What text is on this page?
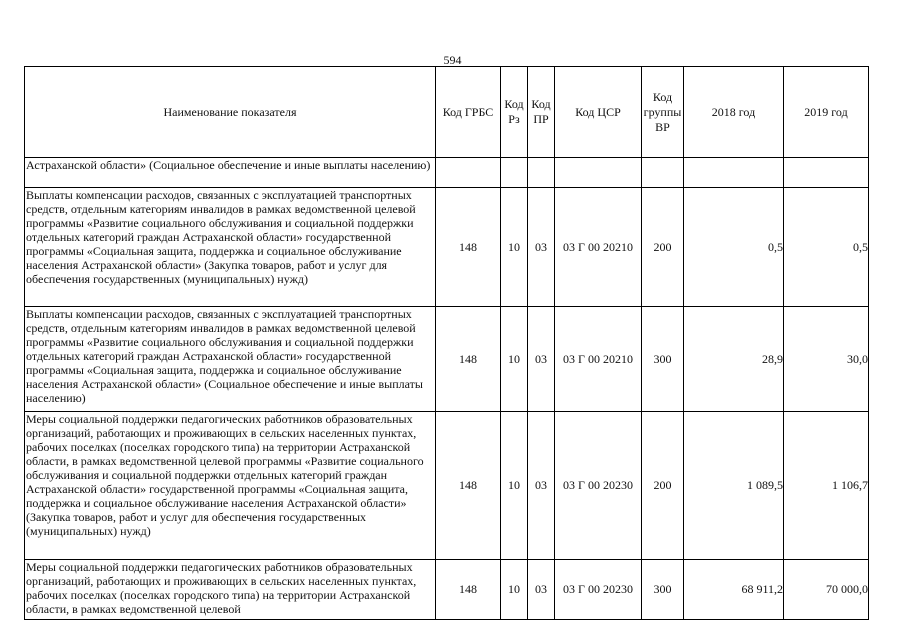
594
Наименование показателя	Код ГРБС	Код Рз	Код ПР	Код ЦСР	Код группы ВР	2018 год	2019 год
Астраханской области» (Социальное обеспечение и иные выплаты населению)							
Выплаты компенсации расходов, связанных с эксплуатацией транспортных средств, отдельным категориям инвалидов в рамках ведомственной целевой программы «Развитие социального обслуживания и социальной поддержки отдельных категорий граждан Астраханской области» государственной программы «Социальная защита, поддержка и социальное обслуживание населения Астраханской области» (Закупка товаров, работ и услуг для обеспечения государственных (муниципальных) нужд)	148	10	03	03 Г 00 20210	200	0,5	0,5
Выплаты компенсации расходов, связанных с эксплуатацией транспортных средств, отдельным категориям инвалидов в рамках ведомственной целевой программы «Развитие социального обслуживания и социальной поддержки отдельных категорий граждан Астраханской области» государственной программы «Социальная защита, поддержка и социальное обслуживание населения Астраханской области» (Социальное обеспечение и иные выплаты населению)	148	10	03	03 Г 00 20210	300	28,9	30,0
Меры социальной поддержки педагогических работников образовательных организаций, работающих и проживающих в сельских населенных пунктах, рабочих поселках (поселках городского типа) на территории Астраханской области, в рамках ведомственной целевой программы «Развитие социального обслуживания и социальной поддержки отдельных категорий граждан Астраханской области» государственной программы «Социальная защита, поддержка и социальное обслуживание населения Астраханской области» (Закупка товаров, работ и услуг для обеспечения государственных (муниципальных) нужд)	148	10	03	03 Г 00 20230	200	1 089,5	1 106,7
Меры социальной поддержки педагогических работников образовательных организаций, работающих и проживающих в сельских населенных пунктах, рабочих поселках (поселках городского типа) на территории Астраханской области, в рамках ведомственной целевой	148	10	03	03 Г 00 20230	300	68 911,2	70 000,0
